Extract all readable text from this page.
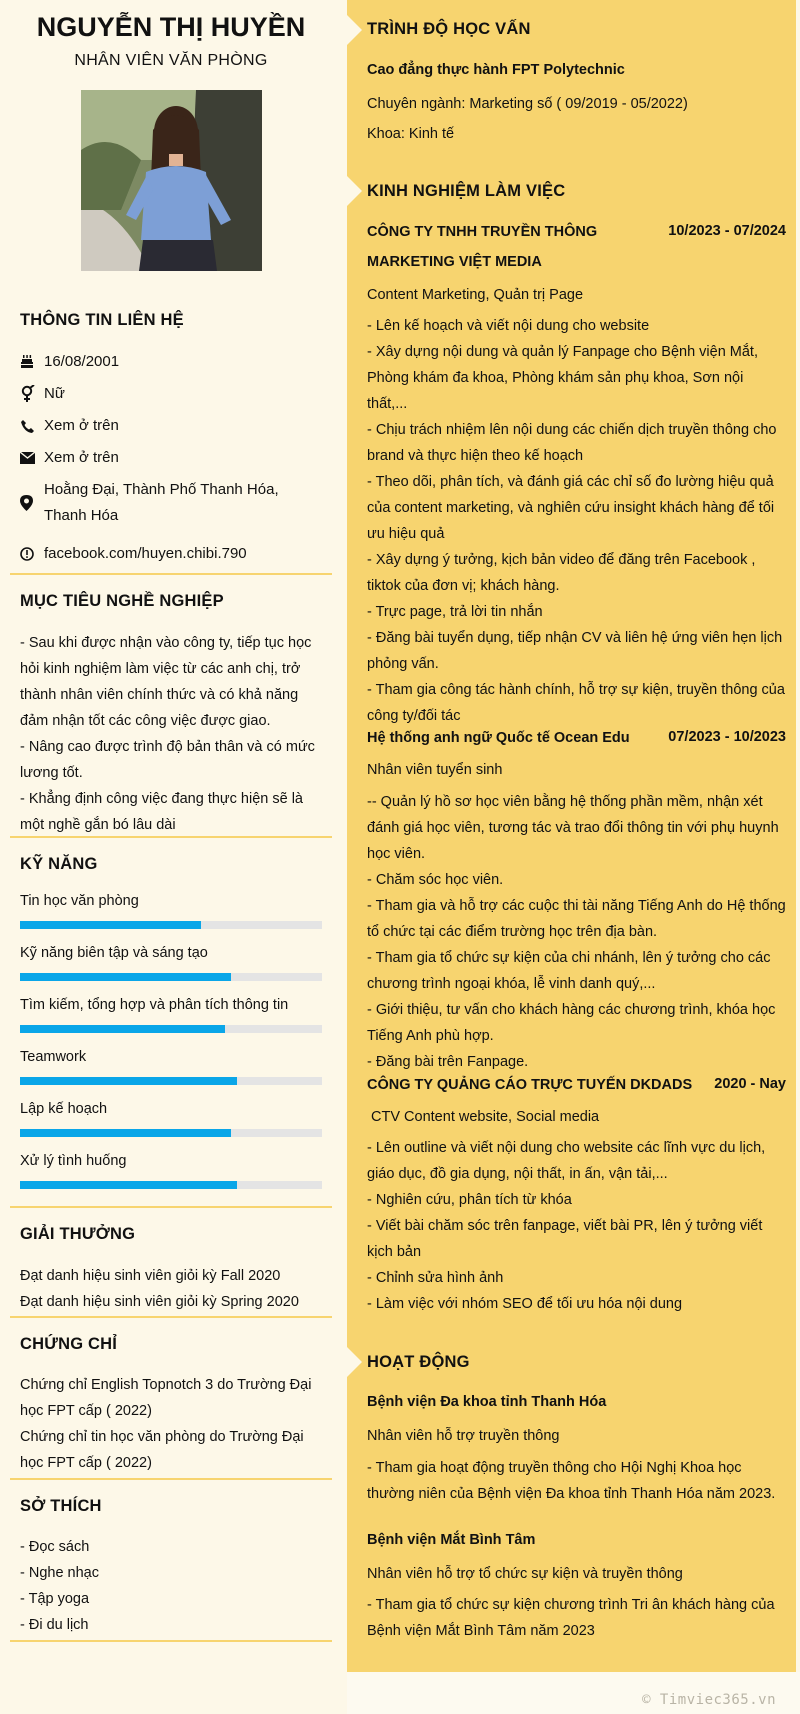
NGUYỄN THỊ HUYỀN
NHÂN VIÊN VĂN PHÒNG
THÔNG TIN LIÊN HỆ
16/08/2001
Nữ
Xem ở trên
Xem ở trên
Hoằng Đại, Thành Phố Thanh Hóa, Thanh Hóa
facebook.com/huyen.chibi.790
MỤC TIÊU NGHỀ NGHIỆP
- Sau khi được nhận vào công ty, tiếp tục học hỏi kinh nghiệm làm việc từ các anh chị, trở thành nhân viên chính thức và có khả năng đảm nhận tốt các công việc được giao.
- Nâng cao được trình độ bản thân và có mức lương tốt.
- Khẳng định công việc đang thực hiện sẽ là một nghề gắn bó lâu dài
KỸ NĂNG
Tin học văn phòng
Kỹ năng biên tập và sáng tạo
Tìm kiếm, tổng hợp và phân tích thông tin
Teamwork
Lập kế hoạch
Xử lý tình huống
GIẢI THƯỞNG
Đạt danh hiệu sinh viên giỏi kỳ Fall 2020
Đạt danh hiệu sinh viên giỏi kỳ Spring 2020
CHỨNG CHỈ
Chứng chỉ English Topnotch 3 do Trường Đại học FPT cấp ( 2022)
Chứng chỉ tin học văn phòng do Trường Đại học FPT cấp ( 2022)
SỞ THÍCH
- Đọc sách
- Nghe nhạc
- Tập yoga
- Đi du lịch
TRÌNH ĐỘ HỌC VẤN
Cao đẳng thực hành FPT Polytechnic
Chuyên ngành: Marketing số ( 09/2019 - 05/2022)
Khoa: Kinh tế
KINH NGHIỆM LÀM VIỆC
CÔNG TY TNHH TRUYỀN THÔNG MARKETING VIỆT MEDIA
10/2023 - 07/2024
Content Marketing, Quản trị Page
- Lên kế hoạch và viết nội dung cho website
- Xây dựng nội dung và quản lý Fanpage cho Bệnh viện Mắt, Phòng khám đa khoa, Phòng khám sản phụ khoa, Sơn nội thất,...
- Chịu trách nhiệm lên nội dung các chiến dịch truyền thông cho brand và thực hiện theo kế hoạch
- Theo dõi, phân tích, và đánh giá các chỉ số đo lường hiệu quả của content marketing, và nghiên cứu insight khách hàng để tối ưu hiệu quả
- Xây dựng ý tưởng, kịch bản video để đăng trên Facebook , tiktok của đơn vị; khách hàng.
- Trực page, trả lời tin nhắn
- Đăng bài tuyển dụng, tiếp nhận CV và liên hệ ứng viên hẹn lịch phỏng vấn.
- Tham gia công tác hành chính, hỗ trợ sự kiện, truyền thông của công ty/đối tác
Hệ thống anh ngữ Quốc tế Ocean Edu	07/2023 - 10/2023
Nhân viên tuyển sinh
-- Quản lý hồ sơ học viên bằng hệ thống phần mềm, nhận xét đánh giá học viên, tương tác và trao đổi thông tin với phụ huynh học viên.
- Chăm sóc học viên.
- Tham gia và hỗ trợ các cuộc thi tài năng Tiếng Anh do Hệ thống tổ chức tại các điểm trường học trên địa bàn.
- Tham gia tổ chức sự kiện của chi nhánh, lên ý tưởng cho các chương trình ngoại khóa, lễ vinh danh quý,...
- Giới thiệu, tư vấn cho khách hàng các chương trình, khóa học Tiếng Anh phù hợp.
- Đăng bài trên Fanpage.
CÔNG TY QUẢNG CÁO TRỰC TUYẾN DKDADS 2020 - Nay
CTV Content website, Social media
- Lên outline và viết nội dung cho website các lĩnh vực du lịch, giáo dục, đồ gia dụng, nội thất, in ấn, vận tải,...
- Nghiên cứu, phân tích từ khóa
- Viết bài chăm sóc trên fanpage, viết bài PR, lên ý tưởng viết kịch bản
- Chỉnh sửa hình ảnh
- Làm việc với nhóm SEO để tối ưu hóa nội dung
HOẠT ĐỘNG
Bệnh viện Đa khoa tỉnh Thanh Hóa
Nhân viên hỗ trợ truyền thông
- Tham gia hoạt động truyền thông cho Hội Nghị Khoa học thường niên của Bệnh viện Đa khoa tỉnh Thanh Hóa năm 2023.
Bệnh viện Mắt Bình Tâm
Nhân viên hỗ trợ tổ chức sự kiện và truyền thông
- Tham gia tổ chức sự kiện chương trình Tri ân khách hàng của Bệnh viện Mắt Bình Tâm năm 2023
© Timviec365.vn
